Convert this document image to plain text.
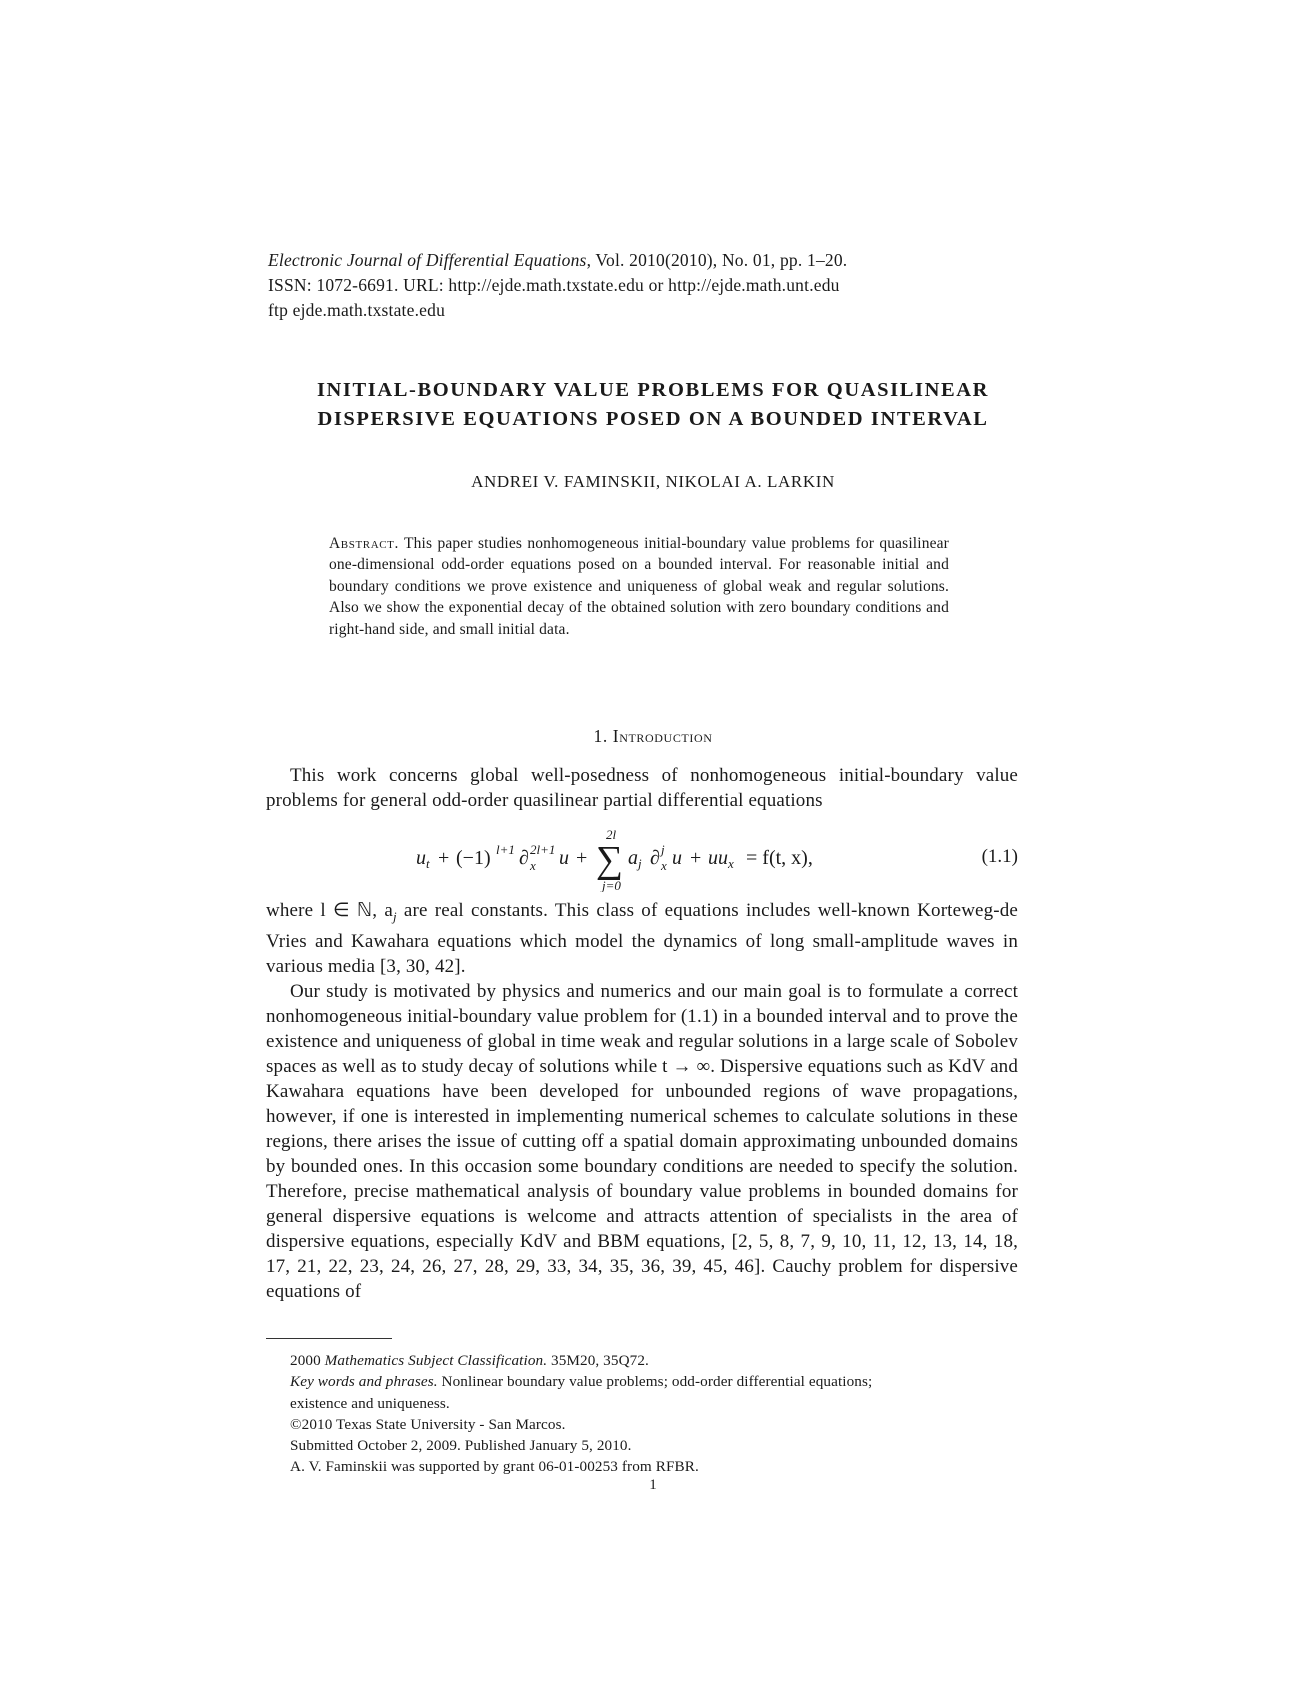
Electronic Journal of Differential Equations, Vol. 2010(2010), No. 01, pp. 1–20.
ISSN: 1072-6691. URL: http://ejde.math.txstate.edu or http://ejde.math.unt.edu
ftp ejde.math.txstate.edu
INITIAL-BOUNDARY VALUE PROBLEMS FOR QUASILINEAR
DISPERSIVE EQUATIONS POSED ON A BOUNDED INTERVAL
ANDREI V. FAMINSKII, NIKOLAI A. LARKIN
Abstract. This paper studies nonhomogeneous initial-boundary value problems for quasilinear one-dimensional odd-order equations posed on a bounded interval. For reasonable initial and boundary conditions we prove existence and uniqueness of global weak and regular solutions. Also we show the exponential decay of the obtained solution with zero boundary conditions and right-hand side, and small initial data.
1. Introduction

This work concerns global well-posedness of nonhomogeneous initial-boundary value problems for general odd-order quasilinear partial differential equations

$u_t + (-1)$ l+1 ∂ x
2l+1 u +
2l
∑
j=0
$a_j$ ∂ x
j $u + uu_x = f(t$, x),	(1.1)

where l ∈ ℕ, $a_j$ are real constants. This class of equations includes well-known Korteweg-de Vries and Kawahara equations which model the dynamics of long small-amplitude waves in various media [3, 30, 42].

Our study is motivated by physics and numerics and our main goal is to formulate a correct nonhomogeneous initial-boundary value problem for (1.1) in a bounded interval and to prove the existence and uniqueness of global in time weak and regular solutions in a large scale of Sobolev spaces as well as to study decay of solutions while t → ∞. Dispersive equations such as KdV and Kawahara equations have been developed for unbounded regions of wave propagations, however, if one is interested in implementing numerical schemes to calculate solutions in these regions, there arises the issue of cutting off a spatial domain approximating unbounded domains by bounded ones. In this occasion some boundary conditions are needed to specify the solution. Therefore, precise mathematical analysis of boundary value problems in bounded domains for general dispersive equations is welcome and attracts attention of specialists in the area of dispersive equations, especially KdV and BBM equations, [2, 5, 8, 7, 9, 10, 11, 12, 13, 14, 18, 17, 21, 22, 23, 24, 26, 27, 28, 29, 33, 34, 35, 36, 39, 45, 46]. Cauchy problem for dispersive equations of

2000 Mathematics Subject Classification. 35M20, 35Q72.
Key words and phrases. Nonlinear boundary value problems; odd-order differential equations;
existence and uniqueness.
©2010 Texas State University - San Marcos.
Submitted October 2, 2009. Published January 5, 2010.
A. V. Faminskii was supported by grant 06-01-00253 from RFBR.
1
